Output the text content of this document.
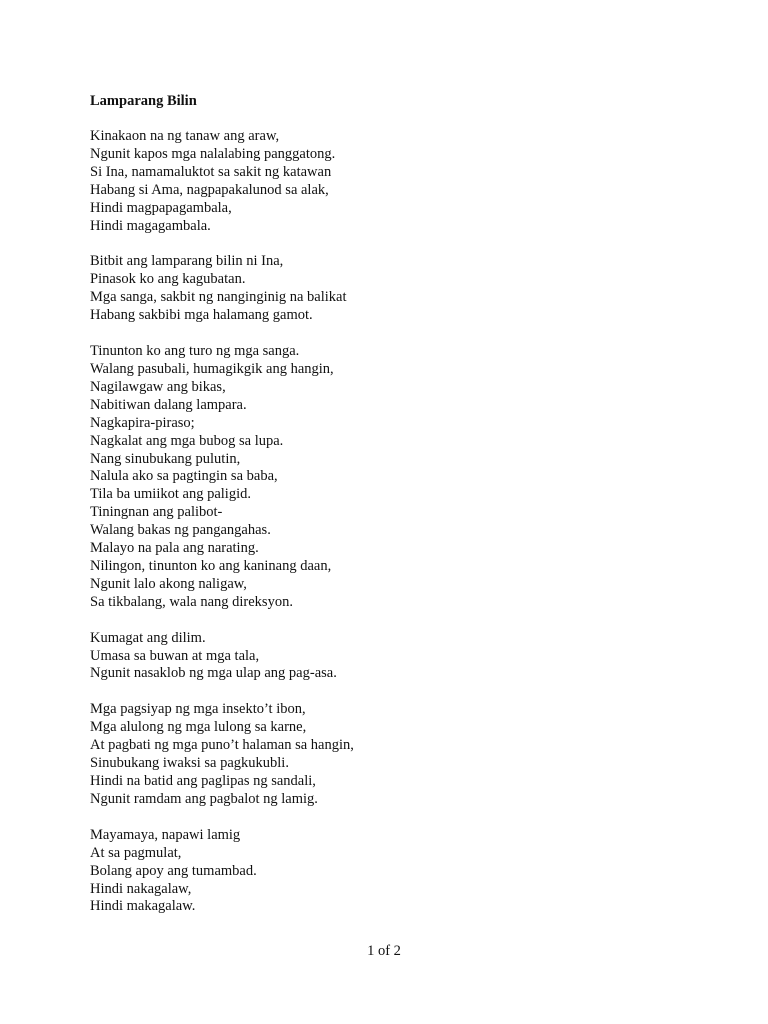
Lamparang Bilin
Kinakaon na ng tanaw ang araw,
Ngunit kapos mga nalalabing panggatong.
Si Ina, namamaluktot sa sakit ng katawan
Habang si Ama, nagpapakalunod sa alak,
Hindi magpapagambala,
Hindi magagambala.
Bitbit ang lamparang bilin ni Ina,
Pinasok ko ang kagubatan.
Mga sanga, sakbit ng nanginginig na balikat
Habang sakbibi mga halamang gamot.
Tinunton ko ang turo ng mga sanga.
Walang pasubali, humagikgik ang hangin,
Nagilawgaw ang bikas,
Nabitiwan dalang lampara.
Nagkapira-piraso;
Nagkalat ang mga bubog sa lupa.
Nang sinubukang pulutin,
Nalula ako sa pagtingin sa baba,
Tila ba umiikot ang paligid.
Tiningnan ang palibot-
Walang bakas ng pangangahas.
Malayo na pala ang narating.
Nilingon, tinunton ko ang kaninang daan,
Ngunit lalo akong naligaw,
Sa tikbalang, wala nang direksyon.
Kumagat ang dilim.
Umasa sa buwan at mga tala,
Ngunit nasaklob ng mga ulap ang pag-asa.
Mga pagsiyap ng mga insekto’t ibon,
Mga alulong ng mga lulong sa karne,
At pagbati ng mga puno’t halaman sa hangin,
Sinubukang iwaksi sa pagkukubli.
Hindi na batid ang paglipas ng sandali,
Ngunit ramdam ang pagbalot ng lamig.
Mayamaya, napawi lamig
At sa pagmulat,
Bolang apoy ang tumambad.
Hindi nakagalaw,
Hindi makagalaw.
1 of 2
